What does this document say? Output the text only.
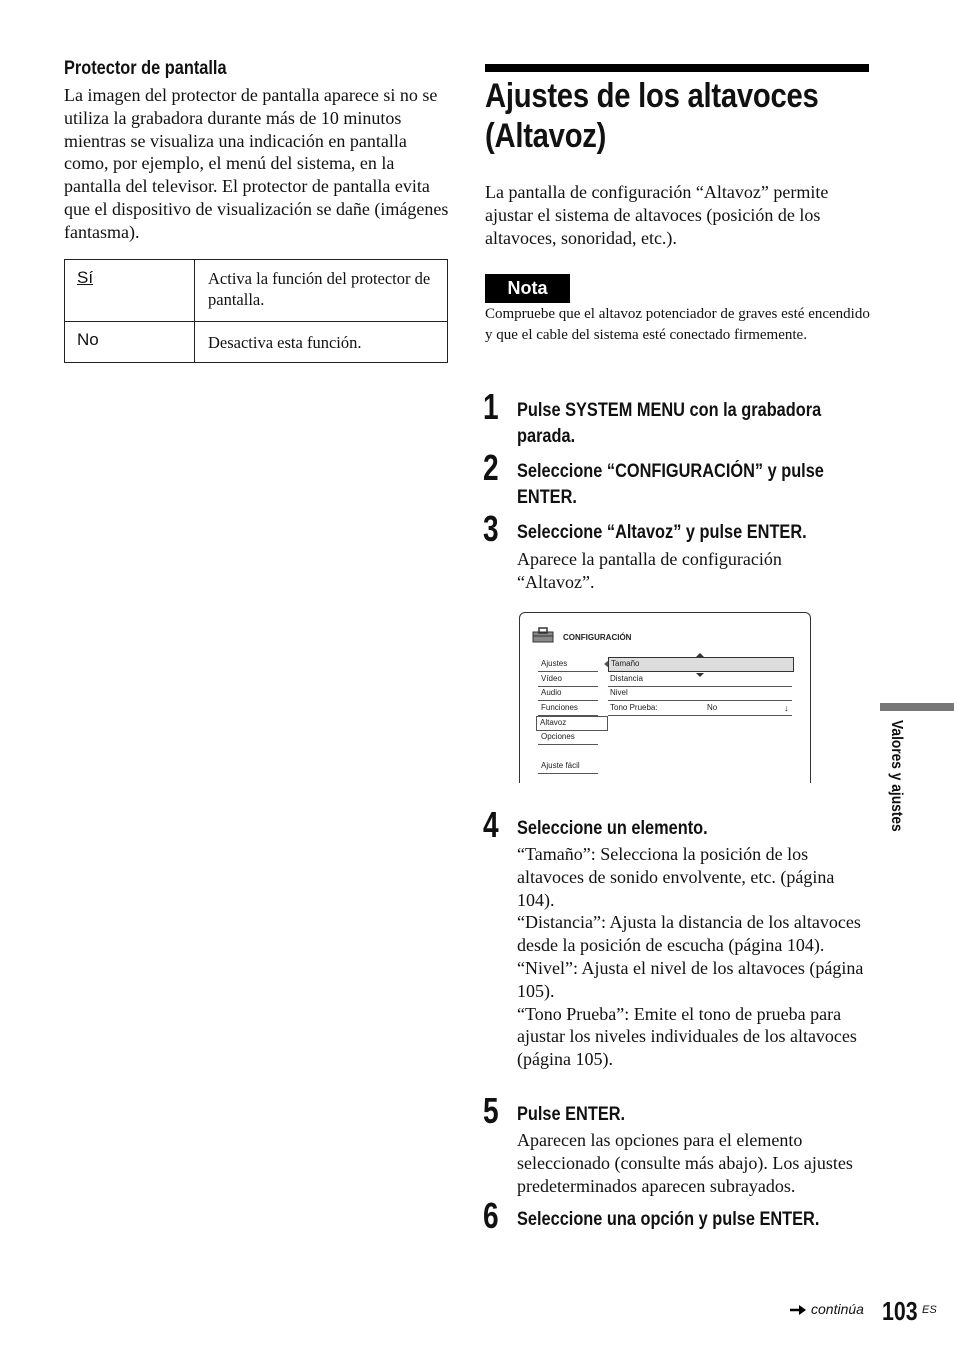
Protector de pantalla
La imagen del protector de pantalla aparece si no se utiliza la grabadora durante más de 10 minutos mientras se visualiza una indicación en pantalla como, por ejemplo, el menú del sistema, en la pantalla del televisor. El protector de pantalla evita que el dispositivo de visualización se dañe (imágenes fantasma).
Sí	Activa la función del protector de pantalla.
No	Desactiva esta función.
Ajustes de los altavoces
(Altavoz)
La pantalla de configuración “Altavoz” permite ajustar el sistema de altavoces (posición de los altavoces, sonoridad, etc.).
Nota
Compruebe que el altavoz potenciador de graves esté encendido y que el cable del sistema esté conectado firmemente.
1 Pulse SYSTEM MENU con la grabadora
parada.
2 Seleccione “CONFIGURACIÓN” y pulse
ENTER.
3 Seleccione “Altavoz” y pulse ENTER.
Aparece la pantalla de configuración “Altavoz”.
CONFIGURACIÓN
Ajustes
Vídeo
Audio
Funciones
Altavoz
Opciones
Ajuste fácil
Tamaño
Distancia
Nivel
Tono Prueba:	No	↓
4 Seleccione un elemento.
“Tamaño”: Selecciona la posición de los altavoces de sonido envolvente, etc. (página 104).
“Distancia”: Ajusta la distancia de los altavoces desde la posición de escucha (página 104).
“Nivel”: Ajusta el nivel de los altavoces (página 105).
“Tono Prueba”: Emite el tono de prueba para ajustar los niveles individuales de los altavoces (página 105).
5 Pulse ENTER.
Aparecen las opciones para el elemento seleccionado (consulte más abajo). Los ajustes predeterminados aparecen subrayados.
6 Seleccione una opción y pulse ENTER.
Valores y ajustes
continúa 103 ES
